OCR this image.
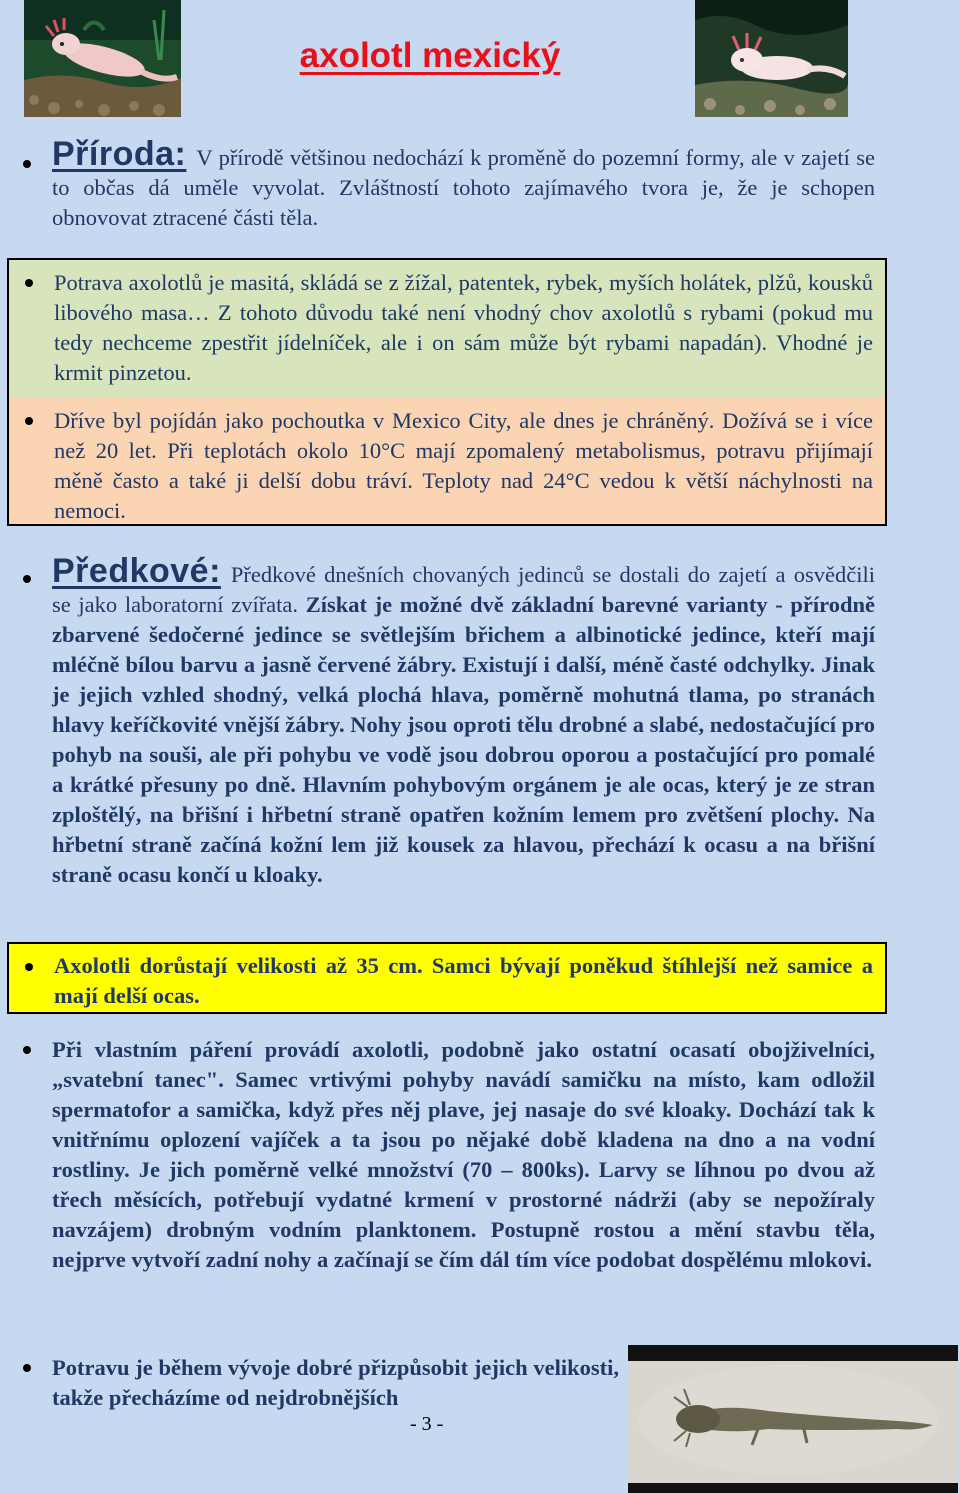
axolotl mexický

Příroda: V přírodě většinou nedochází k proměně do pozemní formy, ale v zajetí se to občas dá uměle vyvolat. Zvláštností tohoto zajímavého tvora je, že je schopen obnovovat ztracené části těla.

Potrava axolotlů je masitá, skládá se z žížal, patentek, rybek, myších holátek, plžů, kousků libového masa… Z tohoto důvodu také není vhodný chov axolotlů s rybami (pokud mu tedy nechceme zpestřit jídelníček, ale i on sám může být rybami napadán). Vhodné je krmit pinzetou.

Dříve byl pojídán jako pochoutka v Mexico City, ale dnes je chráněný. Dožívá se i více než 20 let. Při teplotách okolo 10°C mají zpomalený metabolismus, potravu přijímají měně často a také ji delší dobu tráví. Teploty nad 24°C vedou k větší náchylnosti na nemoci.

Předkové: Předkové dnešních chovaných jedinců se dostali do zajetí a osvědčili se jako laboratorní zvířata. Získat je možné dvě základní barevné varianty - přírodně zbarvené šedočerné jedince se světlejším břichem a albinotické jedince, kteří mají mléčně bílou barvu a jasně červené žábry. Existují i další, méně časté odchylky. Jinak je jejich vzhled shodný, velká plochá hlava, poměrně mohutná tlama, po stranách hlavy keříčkovité vnější žábry. Nohy jsou oproti tělu drobné a slabé, nedostačující pro pohyb na souši, ale při pohybu ve vodě jsou dobrou oporou a postačující pro pomalé a krátké přesuny po dně. Hlavním pohybovým orgánem je ale ocas, který je ze stran zploštělý, na břišní i hřbetní straně opatřen kožním lemem pro zvětšení plochy. Na hřbetní straně začíná kožní lem již kousek za hlavou, přechází k ocasu a na břišní straně ocasu končí u kloaky.

Axolotli dorůstají velikosti až 35 cm. Samci bývají poněkud štíhlejší než samice a mají delší ocas.

Při vlastním páření provádí axolotli, podobně jako ostatní ocasatí obojživelníci, „svatební tanec". Samec vrtivými pohyby navádí samičku na místo, kam odložil spermatofor a samička, když přes něj plave, jej nasaje do své kloaky. Dochází tak k vnitřnímu oplození vajíček a ta jsou po nějaké době kladena na dno a na vodní rostliny. Je jich poměrně velké množství (70 – 800ks). Larvy se líhnou po dvou až třech měsících, potřebují vydatné krmení v prostorné nádrži (aby se nepožíraly navzájem) drobným vodním planktonem. Postupně rostou a mění stavbu těla, nejprve vytvoří zadní nohy a začínají se čím dál tím více podobat dospělému mlokovi.

Potravu je během vývoje dobré přizpůsobit jejich velikosti, takže přecházíme od nejdrobnějších

- 3 -
